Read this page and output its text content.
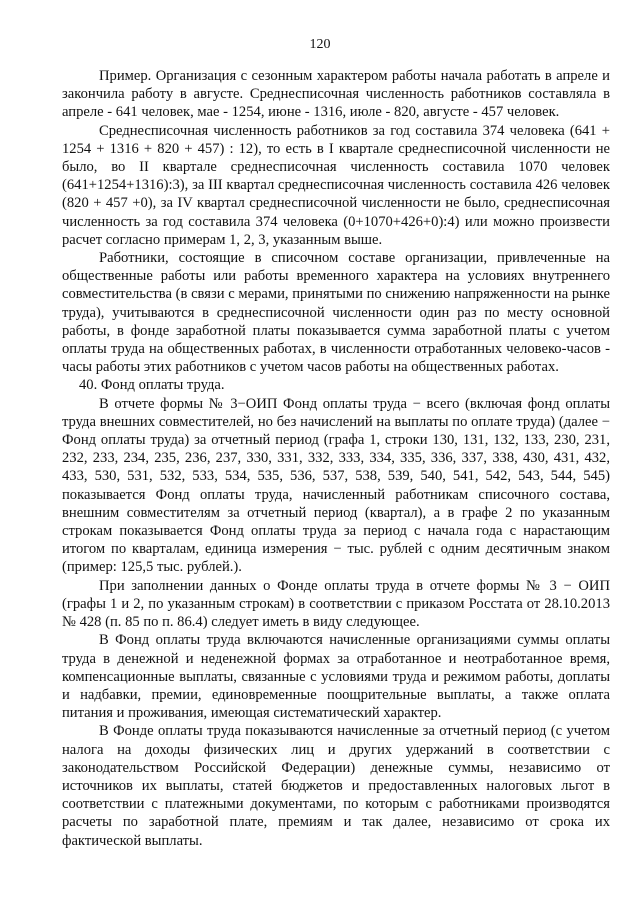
120

Пример. Организация с сезонным характером работы начала работать в апреле и закончила работу в августе. Среднесписочная численность работников составляла в апреле - 641 человек, мае - 1254, июне - 1316, июле - 820, августе - 457 человек.

Среднесписочная численность работников за год составила 374 человека (641 + 1254 + 1316 + 820 + 457) : 12), то есть в I квартале среднесписочной численности не было, во II квартале среднесписочная численность составила 1070 человек (641+1254+1316):3), за III квартал среднесписочная численность составила 426 человек (820 + 457 +0), за IV квартал среднесписочной численности не было, среднесписочная численность за год составила 374 человека (0+1070+426+0):4) или можно произвести расчет согласно примерам 1, 2, 3, указанным выше.

Работники, состоящие в списочном составе организации, привлеченные на общественные работы или работы временного характера на условиях внутреннего совместительства (в связи с мерами, принятыми по снижению напряженности на рынке труда), учитываются в среднесписочной численности один раз по месту основной работы, в фонде заработной платы показывается сумма заработной платы с учетом оплаты труда на общественных работах, в численности отработанных человеко-часов - часы работы этих работников с учетом часов работы на общественных работах.

40. Фонд оплаты труда.

В отчете формы № 3−ОИП Фонд оплаты труда − всего (включая фонд оплаты труда внешних совместителей, но без начислений на выплаты по оплате труда) (далее − Фонд оплаты труда) за отчетный период (графа 1, строки 130, 131, 132, 133, 230, 231, 232, 233, 234, 235, 236, 237, 330, 331, 332, 333, 334, 335, 336, 337, 338, 430, 431, 432, 433, 530, 531, 532, 533, 534, 535, 536, 537, 538, 539, 540, 541, 542, 543, 544, 545) показывается Фонд оплаты труда, начисленный работникам списочного состава, внешним совместителям за отчетный период (квартал), а в графе 2 по указанным строкам показывается Фонд оплаты труда за период с начала года с нарастающим итогом по кварталам, единица измерения − тыс. рублей с одним десятичным знаком (пример: 125,5 тыс. рублей.).

При заполнении данных о Фонде оплаты труда в отчете формы № 3 − ОИП (графы 1 и 2, по указанным строкам) в соответствии с приказом Росстата от 28.10.2013 № 428 (п. 85 по п. 86.4) следует иметь в виду следующее.

В Фонд оплаты труда включаются начисленные организациями суммы оплаты труда в денежной и неденежной формах за отработанное и неотработанное время, компенсационные выплаты, связанные с условиями труда и режимом работы, доплаты и надбавки, премии, единовременные поощрительные выплаты, а также оплата питания и проживания, имеющая систематический характер.

В Фонде оплаты труда показываются начисленные за отчетный период (с учетом налога на доходы физических лиц и других удержаний в соответствии с законодательством Российской Федерации) денежные суммы, независимо от источников их выплаты, статей бюджетов и предоставленных налоговых льгот в соответствии с платежными документами, по которым с работниками производятся расчеты по заработной плате, премиям и так далее, независимо от срока их фактической выплаты.
